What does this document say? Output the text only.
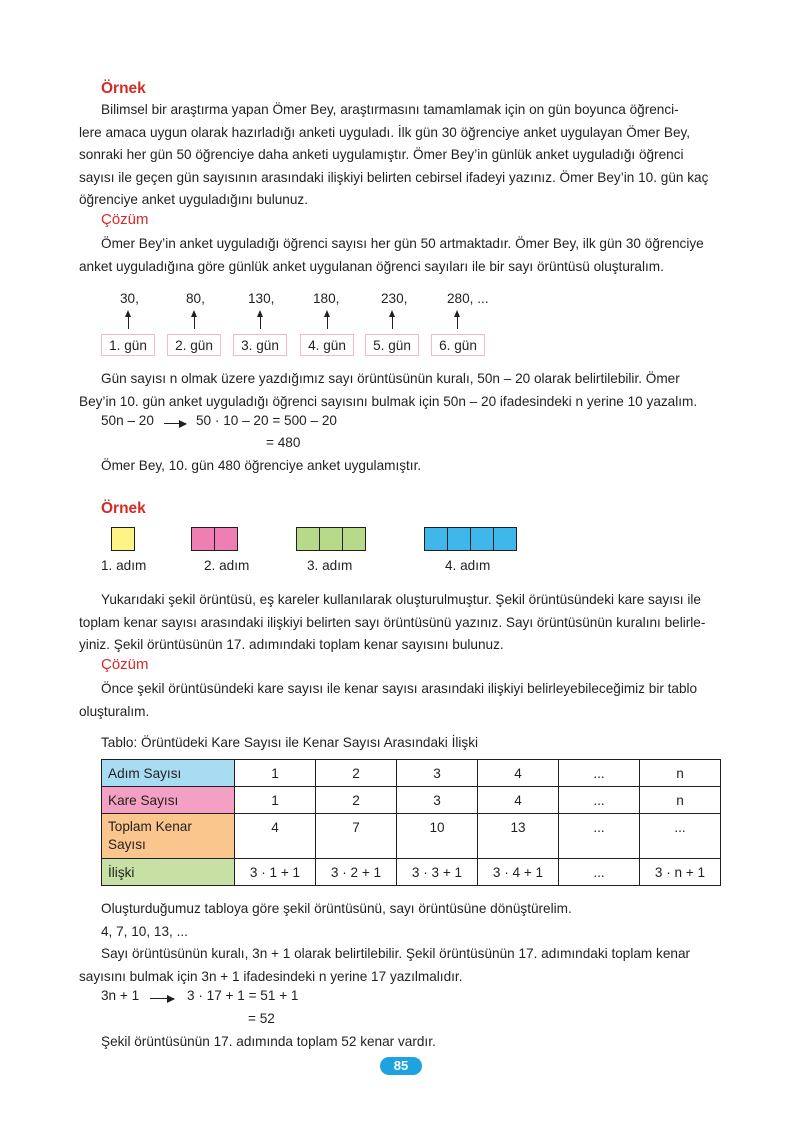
Örnek
Bilimsel bir araştırma yapan Ömer Bey, araştırmasını tamamlamak için on gün boyunca öğrenci-
lere amaca uygun olarak hazırladığı anketi uyguladı. İlk gün 30 öğrenciye anket uygulayan Ömer Bey,
sonraki her gün 50 öğrenciye daha anketi uygulamıştır. Ömer Bey’in günlük anket uyguladığı öğrenci
sayısı ile geçen gün sayısının arasındaki ilişkiyi belirten cebirsel ifadeyi yazınız. Ömer Bey’in 10. gün kaç
öğrenciye anket uyguladığını bulunuz.
Çözüm
Ömer Bey’in anket uyguladığı öğrenci sayısı her gün 50 artmaktadır. Ömer Bey, ilk gün 30 öğrenciye
anket uyguladığına göre günlük anket uygulanan öğrenci sayıları ile bir sayı örüntüsü oluşturalım.
30,	80,	130,	180,	230,	280, ...
1. gün	2. gün	3. gün	4. gün	5. gün	6. gün
Gün sayısı n olmak üzere yazdığımız sayı örüntüsünün kuralı, 50n – 20 olarak belirtilebilir. Ömer
Bey’in 10. gün anket uyguladığı öğrenci sayısını bulmak için 50n – 20 ifadesindeki n yerine 10 yazalım.
50n – 20	50 · 10 – 20 = 500 – 20
= 480
Ömer Bey, 10. gün 480 öğrenciye anket uygulamıştır.
Örnek
1. adım	2. adım	3. adım	4. adım
Yukarıdaki şekil örüntüsü, eş kareler kullanılarak oluşturulmuştur. Şekil örüntüsündeki kare sayısı ile
toplam kenar sayısı arasındaki ilişkiyi belirten sayı örüntüsünü yazınız. Sayı örüntüsünün kuralını belirle-
yiniz. Şekil örüntüsünün 17. adımındaki toplam kenar sayısını bulunuz.
Çözüm
Önce şekil örüntüsündeki kare sayısı ile kenar sayısı arasındaki ilişkiyi belirleyebileceğimiz bir tablo
oluşturalım.
Tablo: Örüntüdeki Kare Sayısı ile Kenar Sayısı Arasındaki İlişki
Adım Sayısı	1	2	3	4	...	n
Kare Sayısı	1	2	3	4	...	n

Toplam Kenar
Sayısı	4	7	10	13	...	...
İlişki	3 · 1 + 1	3 · 2 + 1	3 · 3 + 1	3 · 4 + 1	...	3 · n + 1
Oluşturduğumuz tabloya göre şekil örüntüsünü, sayı örüntüsüne dönüştürelim.
4, 7, 10, 13, ...
Sayı örüntüsünün kuralı, 3n + 1 olarak belirtilebilir. Şekil örüntüsünün 17. adımındaki toplam kenar
sayısını bulmak için 3n + 1 ifadesindeki n yerine 17 yazılmalıdır.
3n + 1	3 · 17 + 1 = 51 + 1
= 52
Şekil örüntüsünün 17. adımında toplam 52 kenar vardır.
85
